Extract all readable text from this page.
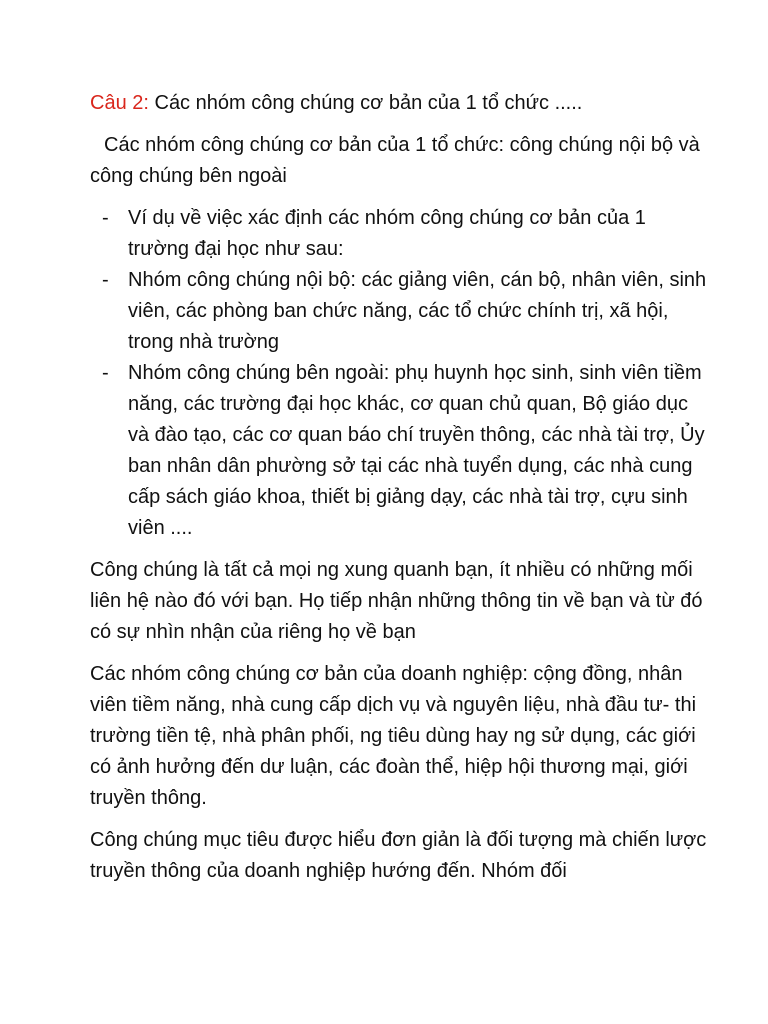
Câu 2: Các nhóm công chúng cơ bản của 1 tổ chức .....

Các nhóm công chúng cơ bản của 1 tổ chức: công chúng nội bộ và công chúng bên ngoài

- Ví dụ về việc xác định các nhóm công chúng cơ bản của 1 trường đại học như sau:
- Nhóm công chúng nội bộ: các giảng viên, cán bộ, nhân viên, sinh viên, các phòng ban chức năng, các tổ chức chính trị, xã hội, trong nhà trường
- Nhóm công chúng bên ngoài: phụ huynh học sinh, sinh viên tiềm năng, các trường đại học khác, cơ quan chủ quan, Bộ giáo dục và đào tạo, các cơ quan báo chí truyền thông, các nhà tài trợ, Ủy ban nhân dân phường sở tại các nhà tuyển dụng, các nhà cung cấp sách giáo khoa, thiết bị giảng dạy, các nhà tài trợ, cựu sinh viên ....

Công chúng là tất cả mọi ng xung quanh bạn, ít nhiều có những mối liên hệ nào đó với bạn. Họ tiếp nhận những thông tin về bạn và từ đó có sự nhìn nhận của riêng họ về bạn

Các nhóm công chúng cơ bản của doanh nghiệp: cộng đồng, nhân viên tiềm năng, nhà cung cấp dịch vụ và nguyên liệu, nhà đầu tư- thi trường tiền tệ, nhà phân phối, ng tiêu dùng hay ng sử dụng, các giới có ảnh hưởng đến dư luận, các đoàn thể, hiệp hội thương mại, giới truyền thông.

Công chúng mục tiêu được hiểu đơn giản là đối tượng mà chiến lược truyền thông của doanh nghiệp hướng đến. Nhóm đối
